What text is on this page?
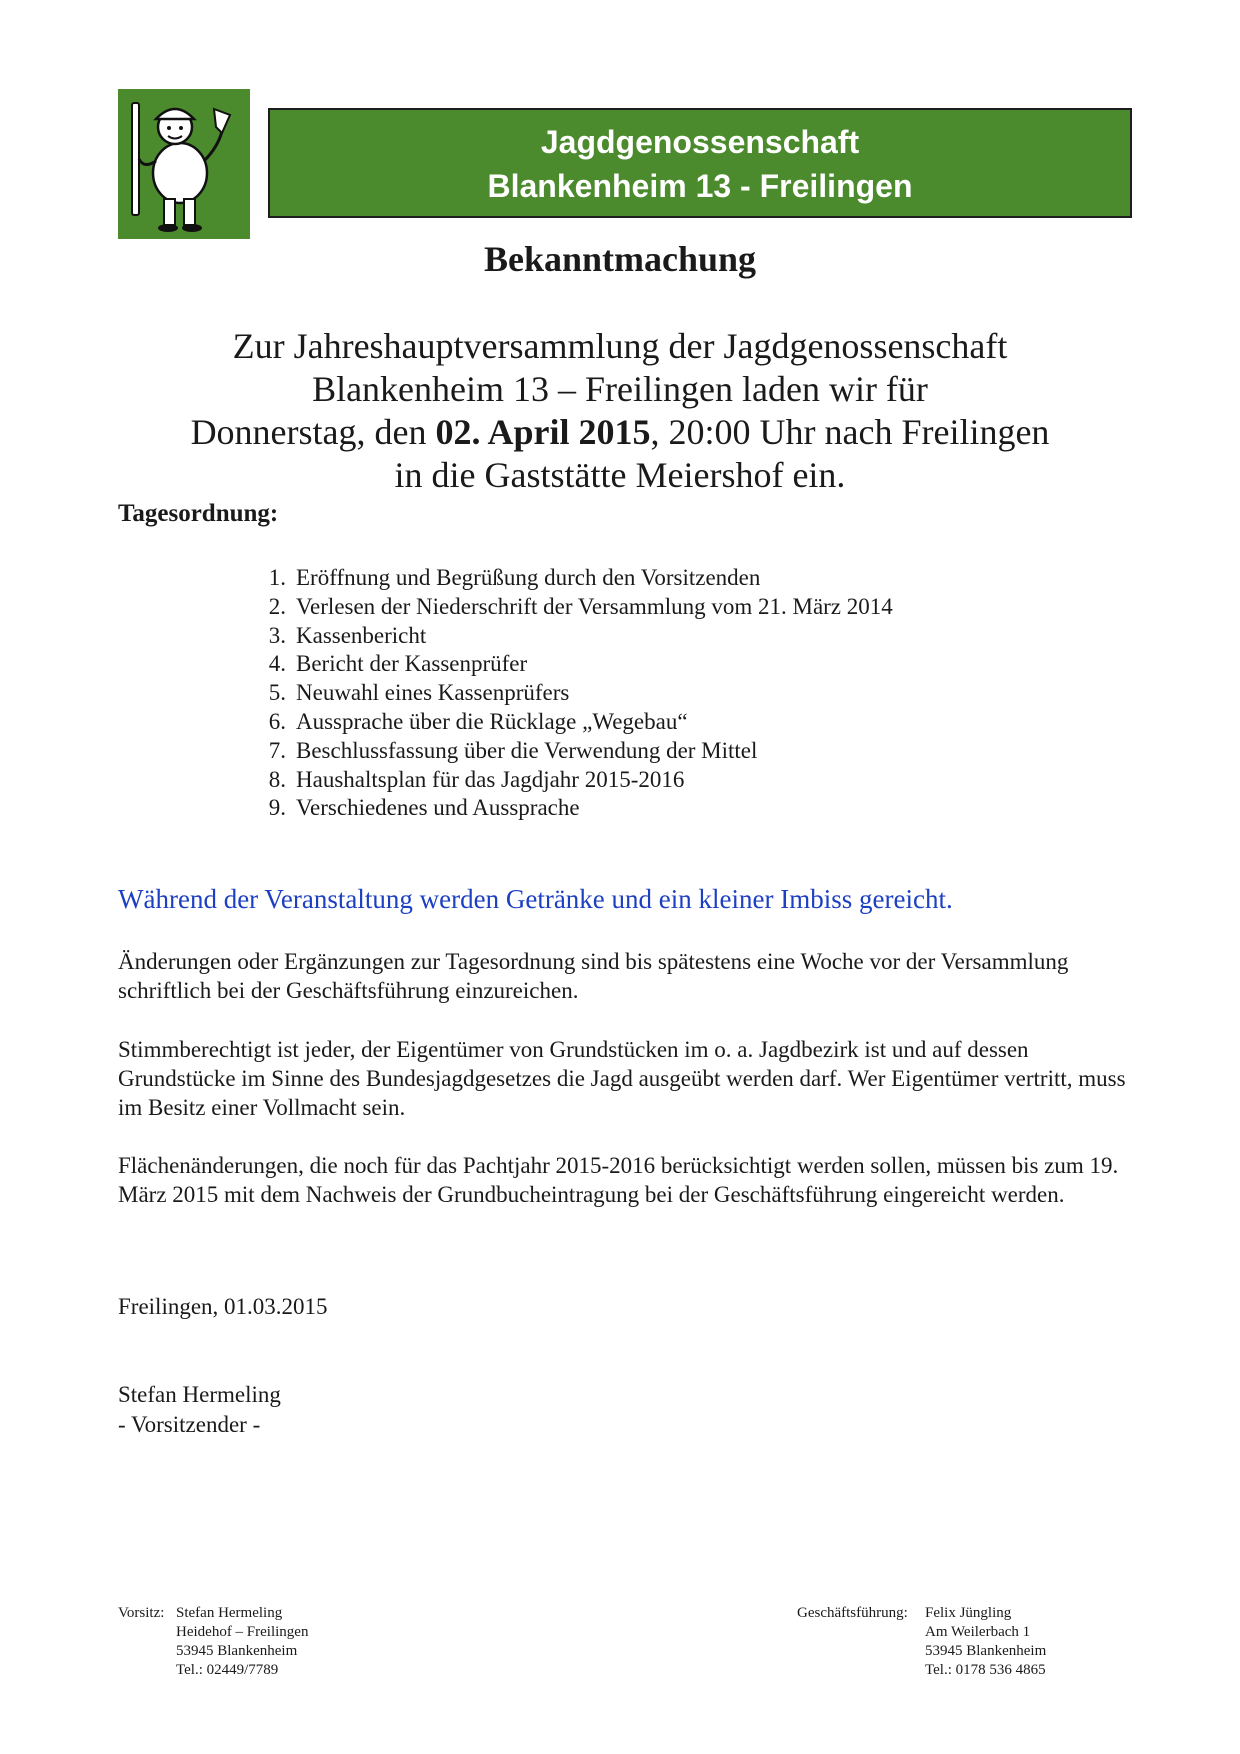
Jagdgenossenschaft
Blankenheim 13 - Freilingen
Bekanntmachung
Zur Jahreshauptversammlung der Jagdgenossenschaft
Blankenheim 13 – Freilingen laden wir für
Donnerstag, den 02. April 2015, 20:00 Uhr nach Freilingen
in die Gaststätte Meiershof ein.
Tagesordnung:
1. Eröffnung und Begrüßung durch den Vorsitzenden
2. Verlesen der Niederschrift der Versammlung vom 21. März 2014
3. Kassenbericht
4. Bericht der Kassenprüfer
5. Neuwahl eines Kassenprüfers
6. Aussprache über die Rücklage „Wegebau“
7. Beschlussfassung über die Verwendung der Mittel
8. Haushaltsplan für das Jagdjahr 2015-2016
9. Verschiedenes und Aussprache
Während der Veranstaltung werden Getränke und ein kleiner Imbiss gereicht.

Änderungen oder Ergänzungen zur Tagesordnung sind bis spätestens eine Woche vor der Versammlung schriftlich bei der Geschäftsführung einzureichen.

Stimmberechtigt ist jeder, der Eigentümer von Grundstücken im o. a. Jagdbezirk ist und auf dessen Grundstücke im Sinne des Bundesjagdgesetzes die Jagd ausgeübt werden darf. Wer Eigentümer vertritt, muss im Besitz einer Vollmacht sein.

Flächenänderungen, die noch für das Pachtjahr 2015-2016 berücksichtigt werden sollen, müssen bis zum 19. März 2015 mit dem Nachweis der Grundbucheintragung bei der Geschäftsführung eingereicht werden.

Freilingen, 01.03.2015
Stefan Hermeling
- Vorsitzender -
Vorsitz: Stefan Hermeling
Heidehof – Freilingen
53945 Blankenheim
Tel.: 02449/7789
Geschäftsführung:	Felix Jüngling
Am Weilerbach 1
53945 Blankenheim
Tel.: 0178 536 4865
